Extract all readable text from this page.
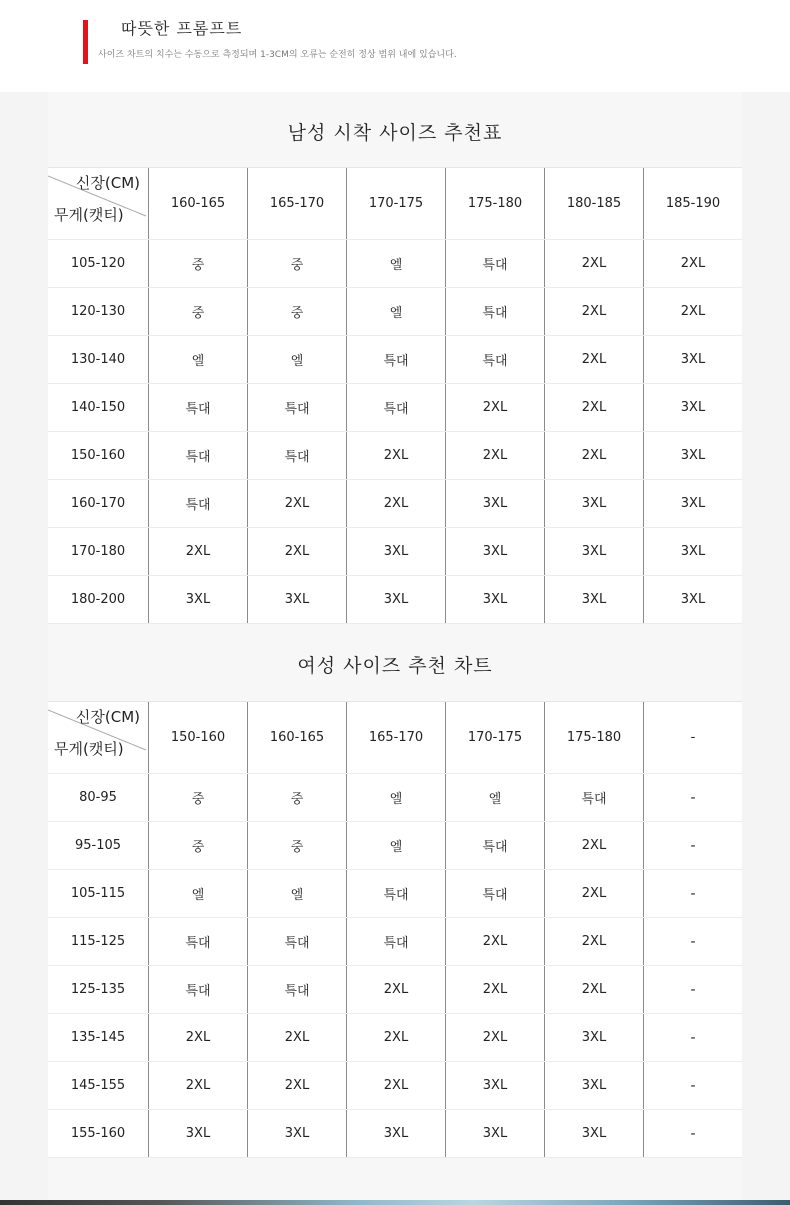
따뜻한 프롬프트
사이즈 차트의 치수는 수동으로 측정되며 1-3CM의 오류는 순전히 정상 범위 내에 있습니다.
남성 시착 사이즈 추천표
신장(CM)
무게(캣티)
160-165	165-170	170-175	175-180	180-185	185-190
105-120	중	중	엘	특대	2XL	2XL
120-130	중	중	엘	특대	2XL	2XL
130-140	엘	엘	특대	특대	2XL	3XL
140-150	특대	특대	특대	2XL	2XL	3XL
150-160	특대	특대	2XL	2XL	2XL	3XL
160-170	특대	2XL	2XL	3XL	3XL	3XL
170-180	2XL	2XL	3XL	3XL	3XL	3XL
180-200	3XL	3XL	3XL	3XL	3XL	3XL
여성 사이즈 추천 차트
신장(CM)
무게(캣티)
150-160	160-165	165-170	170-175	175-180	-
80-95	중	중	엘	엘	특대	-
95-105	중	중	엘	특대	2XL	-
105-115	엘	엘	특대	특대	2XL	-
115-125	특대	특대	특대	2XL	2XL	-
125-135	특대	특대	2XL	2XL	2XL	-
135-145	2XL	2XL	2XL	2XL	3XL	-
145-155	2XL	2XL	2XL	3XL	3XL	-
155-160	3XL	3XL	3XL	3XL	3XL	-
